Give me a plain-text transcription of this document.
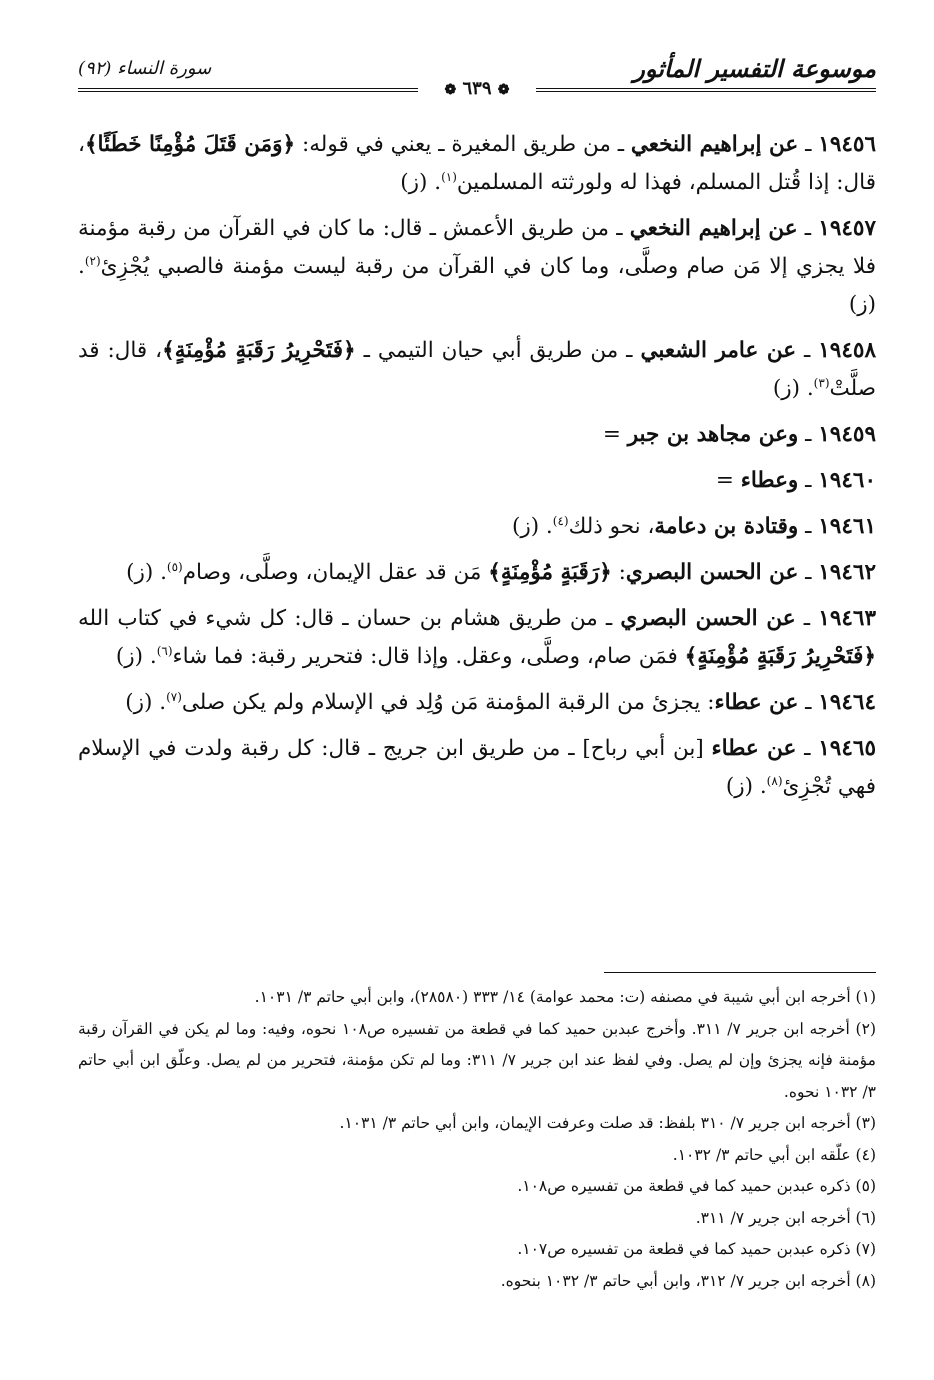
موسوعة التفسير المأثور
سورة النساء (٩٢)
❁ ٦٣٩ ❁

١٩٤٥٦ ـ عن إبراهيم النخعي ـ من طريق المغيرة ـ يعني في قوله: ﴿وَمَن قَتَلَ مُؤْمِنًا خَطَئًا﴾، قال: إذا قُتل المسلم، فهذا له ولورثته المسلمين$^{(١)}$. (ز)

١٩٤٥٧ ـ عن إبراهيم النخعي ـ من طريق الأعمش ـ قال: ما كان في القرآن من رقبة مؤمنة فلا يجزي إلا مَن صام وصلَّى، وما كان في القرآن من رقبة ليست مؤمنة فالصبي يُجْزِئ$^{(٢)}$. (ز)

١٩٤٥٨ ـ عن عامر الشعبي ـ من طريق أبي حيان التيمي ـ ﴿فَتَحْرِيرُ رَقَبَةٍ مُؤْمِنَةٍ﴾، قال: قد صلَّتْ$^{(٣)}$. (ز)

١٩٤٥٩ ـ وعن مجاهد بن جبر =

١٩٤٦٠ ـ وعطاء =

١٩٤٦١ ـ وقتادة بن دعامة، نحو ذلك$^{(٤)}$. (ز)

١٩٤٦٢ ـ عن الحسن البصري: ﴿رَقَبَةٍ مُؤْمِنَةٍ﴾ مَن قد عقل الإيمان، وصلَّى، وصام$^{(٥)}$. (ز)

١٩٤٦٣ ـ عن الحسن البصري ـ من طريق هشام بن حسان ـ قال: كل شيء في كتاب الله ﴿فَتَحْرِيرُ رَقَبَةٍ مُؤْمِنَةٍ﴾ فمَن صام، وصلَّى، وعقل. وإذا قال: فتحرير رقبة: فما شاء$^{(٦)}$. (ز)

١٩٤٦٤ ـ عن عطاء: يجزئ من الرقبة المؤمنة مَن وُلِد في الإسلام ولم يكن صلى$^{(٧)}$. (ز)

١٩٤٦٥ ـ عن عطاء [بن أبي رباح] ـ من طريق ابن جريج ـ قال: كل رقبة ولدت في الإسلام فهي تُجْزِئ$^{(٨)}$. (ز)

(١) أخرجه ابن أبي شيبة في مصنفه (ت: محمد عوامة) ١٤/ ٣٣٣ (٢٨٥٨٠)، وابن أبي حاتم ٣/ ١٠٣١.

(٢) أخرجه ابن جرير ٧/ ٣١١. وأخرج عبدبن حميد كما في قطعة من تفسيره ص١٠٨ نحوه، وفيه: وما لم يكن في القرآن رقبة مؤمنة فإنه يجزئ وإن لم يصل. وفي لفظ عند ابن جرير ٧/ ٣١١: وما لم تكن مؤمنة، فتحرير من لم يصل. وعلّق ابن أبي حاتم ٣/ ١٠٣٢ نحوه.

(٣) أخرجه ابن جرير ٧/ ٣١٠ بلفظ: قد صلت وعرفت الإيمان، وابن أبي حاتم ٣/ ١٠٣١.

(٤) علّقه ابن أبي حاتم ٣/ ١٠٣٢.

(٥) ذكره عبدبن حميد كما في قطعة من تفسيره ص١٠٨.

(٦) أخرجه ابن جرير ٧/ ٣١١.

(٧) ذكره عبدبن حميد كما في قطعة من تفسيره ص١٠٧.

(٨) أخرجه ابن جرير ٧/ ٣١٢، وابن أبي حاتم ٣/ ١٠٣٢ بنحوه.
